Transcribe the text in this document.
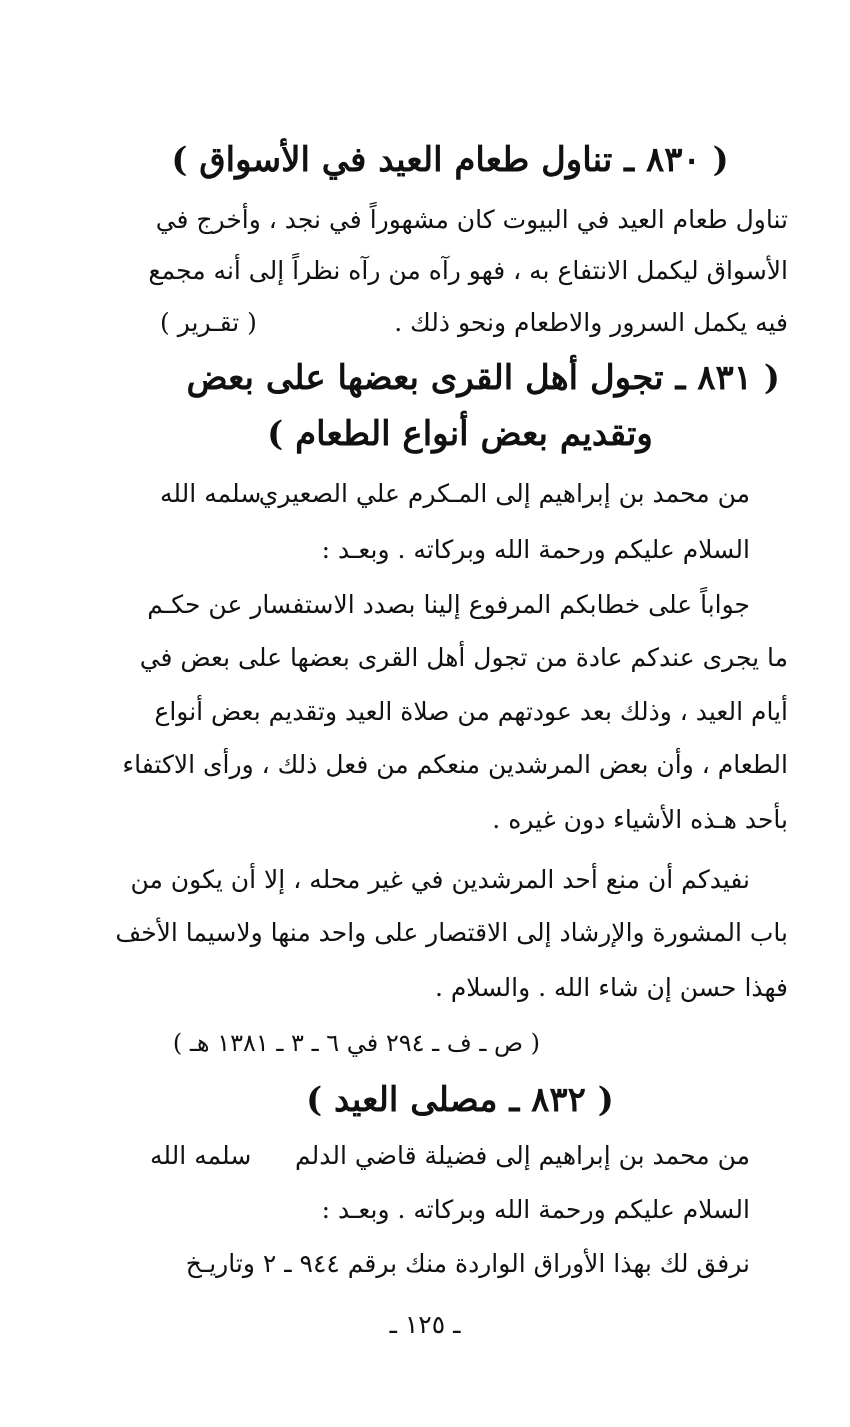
( ٨٣٠ ـ تناول طعام العيد في الأسواق )
تناول طعام العيد في البيوت كان مشهوراً في نجد ، وأخرج في
الأسواق ليكمل الانتفاع به ، فهو رآه من رآه نظراً إلى أنه مجمع
فيه يكمل السرور والاطعام ونحو ذلك .
( تقـرير )
( ٨٣١ ـ تجول أهل القرى بعضها على بعض
وتقديم بعض أنواع الطعام )
من محمد بن إبراهيم إلى المـكرم علي الصعيري
سلمه الله
السلام عليكم ورحمة الله وبركاته . وبعـد :
جواباً على خطابكم المرفوع إلينا بصدد الاستفسار عن حكـم
ما يجرى عندكم عادة من تجول أهل القرى بعضها على بعض في
أيام العيد ، وذلك بعد عودتهم من صلاة العيد وتقديم بعض أنواع
الطعام ، وأن بعض المرشدين منعكم من فعل ذلك ، ورأى الاكتفاء
بأحد هـذه الأشياء دون غيره .
نفيدكم أن منع أحد المرشدين في غير محله ، إلا أن يكون من
باب المشورة والإرشاد إلى الاقتصار على واحد منها ولاسيما الأخف
فهذا حسن إن شاء الله . والسلام .
( ص ـ ف ـ ٢٩٤ في ٦ ـ ٣ ـ ١٣٨١ هـ )
( ٨٣٢ ـ مصلى العيد )
من محمد بن إبراهيم إلى فضيلة قاضي الدلم
سلمه الله
السلام عليكم ورحمة الله وبركاته . وبعـد :
نرفق لك بهذا الأوراق الواردة منك برقم ٩٤٤ ـ ٢ وتاريـخ
ـ ١٢٥ ـ
